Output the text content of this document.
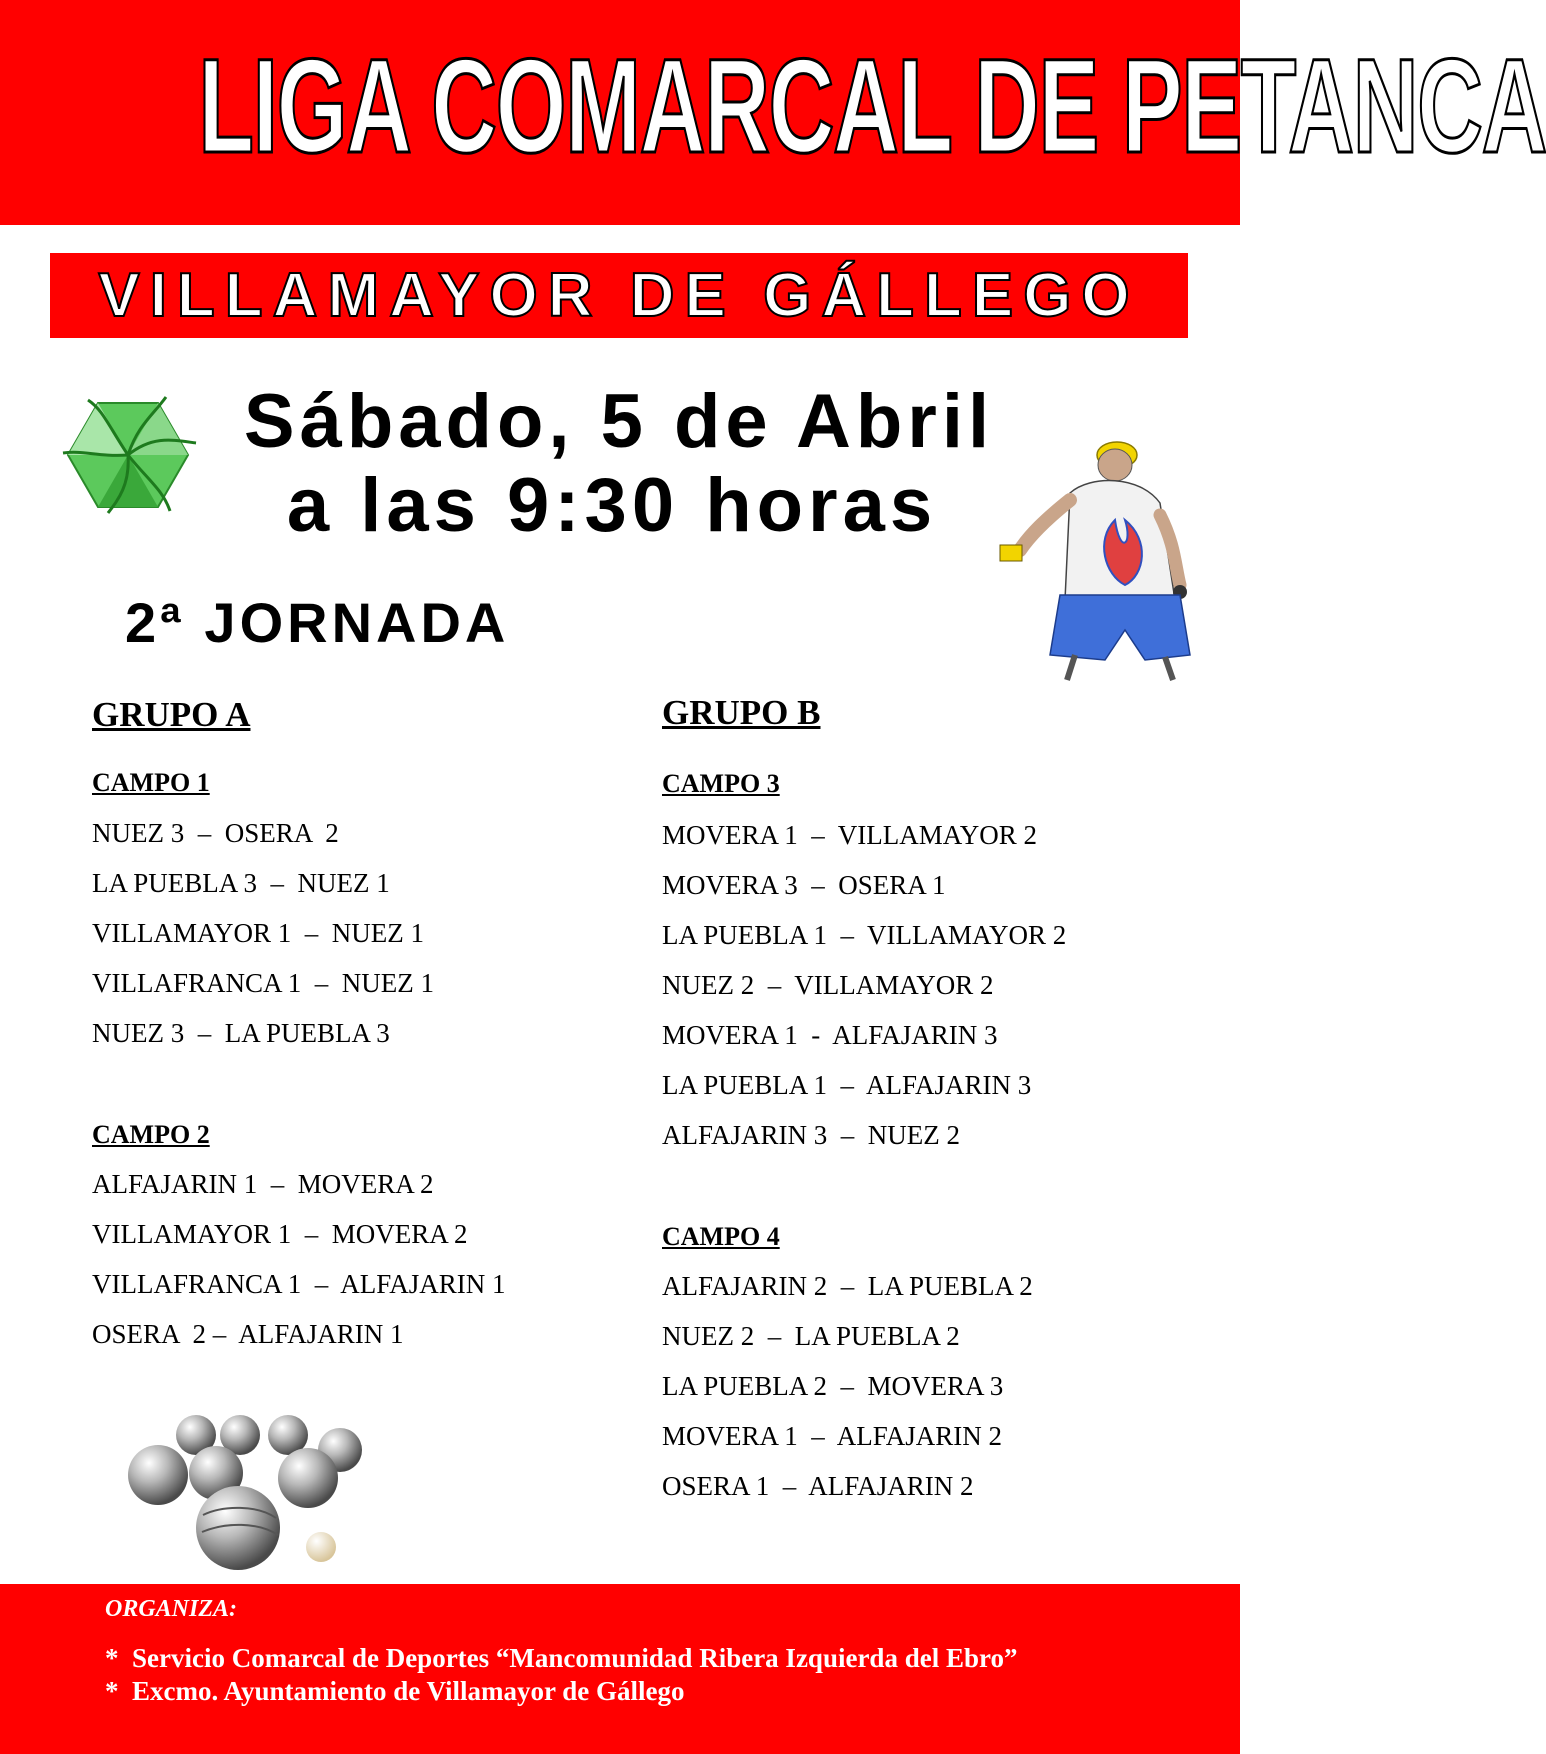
LIGA COMARCAL DE PETANCA
VILLAMAYOR DE GÁLLEGO
Sábado, 5 de Abril
a las 9:30 horas
2ª JORNADA
GRUPO A
CAMPO 1
NUEZ 3  –  OSERA  2
LA PUEBLA 3  –  NUEZ 1
VILLAMAYOR 1  –  NUEZ 1
VILLAFRANCA 1  –  NUEZ 1
NUEZ 3  –  LA PUEBLA 3
CAMPO 2
ALFAJARIN 1  –  MOVERA 2
VILLAMAYOR 1  –  MOVERA 2
VILLAFRANCA 1  –  ALFAJARIN 1
OSERA  2 –  ALFAJARIN 1
GRUPO B
CAMPO 3
MOVERA 1  –  VILLAMAYOR 2
MOVERA 3  –  OSERA 1
LA PUEBLA 1  –  VILLAMAYOR 2
NUEZ 2  –  VILLAMAYOR 2
MOVERA 1  -  ALFAJARIN 3
LA PUEBLA 1  –  ALFAJARIN 3
ALFAJARIN 3  –  NUEZ 2
CAMPO 4
ALFAJARIN 2  –  LA PUEBLA 2
NUEZ 2  –  LA PUEBLA 2
LA PUEBLA 2  –  MOVERA 3
MOVERA 1  –  ALFAJARIN 2
OSERA 1  –  ALFAJARIN 2
ORGANIZA:
*  Servicio Comarcal de Deportes “Mancomunidad Ribera Izquierda del Ebro”
*  Excmo. Ayuntamiento de Villamayor de Gállego
